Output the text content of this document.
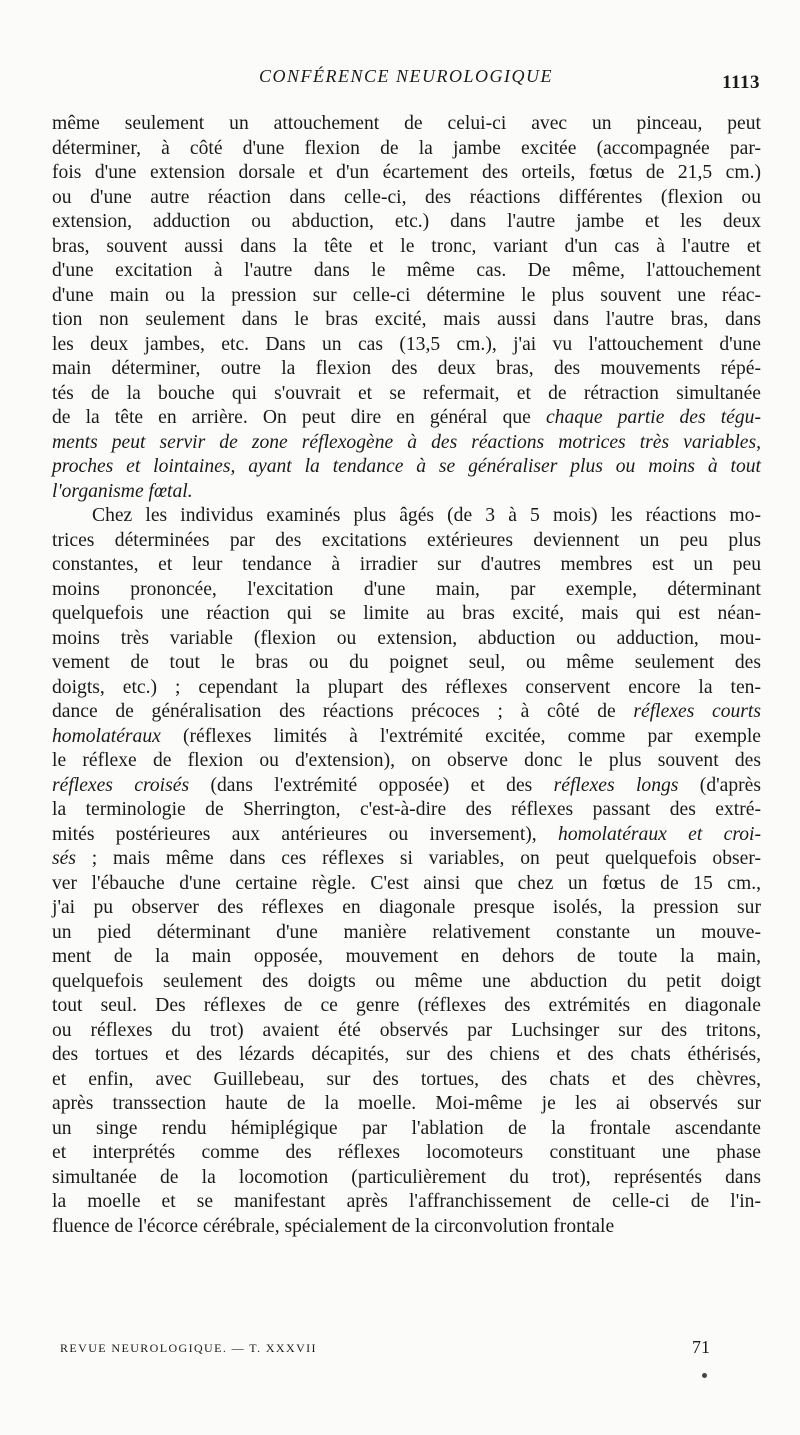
CONFÉRENCE NEUROLOGIQUE	1113
même seulement un attouchement de celui-ci avec un pinceau, peut
déterminer, à côté d'une flexion de la jambe excitée (accompagnée par-
fois d'une extension dorsale et d'un écartement des orteils, fœtus de 21,5 cm.)
ou d'une autre réaction dans celle-ci, des réactions différentes (flexion ou
extension, adduction ou abduction, etc.) dans l'autre jambe et les deux
bras, souvent aussi dans la tête et le tronc, variant d'un cas à l'autre et
d'une excitation à l'autre dans le même cas. De même, l'attouchement
d'une main ou la pression sur celle-ci détermine le plus souvent une réac-
tion non seulement dans le bras excité, mais aussi dans l'autre bras, dans
les deux jambes, etc. Dans un cas (13,5 cm.), j'ai vu l'attouchement d'une
main déterminer, outre la flexion des deux bras, des mouvements répé-
tés de la bouche qui s'ouvrait et se refermait, et de rétraction simultanée
de la tête en arrière. On peut dire en général que chaque partie des tégu-
ments peut servir de zone réflexogène à des réactions motrices très variables,
proches et lointaines, ayant la tendance à se généraliser plus ou moins à tout
l'organisme fœtal.
Chez les individus examinés plus âgés (de 3 à 5 mois) les réactions mo-
trices déterminées par des excitations extérieures deviennent un peu plus
constantes, et leur tendance à irradier sur d'autres membres est un peu
moins prononcée, l'excitation d'une main, par exemple, déterminant
quelquefois une réaction qui se limite au bras excité, mais qui est néan-
moins très variable (flexion ou extension, abduction ou adduction, mou-
vement de tout le bras ou du poignet seul, ou même seulement des
doigts, etc.) ; cependant la plupart des réflexes conservent encore la ten-
dance de généralisation des réactions précoces ; à côté de réflexes courts
homolatéraux (réflexes limités à l'extrémité excitée, comme par exemple
le réflexe de flexion ou d'extension), on observe donc le plus souvent des
réflexes croisés (dans l'extrémité opposée) et des réflexes longs (d'après
la terminologie de Sherrington, c'est-à-dire des réflexes passant des extré-
mités postérieures aux antérieures ou inversement), homolatéraux et croi-
sés ; mais même dans ces réflexes si variables, on peut quelquefois obser-
ver l'ébauche d'une certaine règle. C'est ainsi que chez un fœtus de 15 cm.,
j'ai pu observer des réflexes en diagonale presque isolés, la pression sur
un pied déterminant d'une manière relativement constante un mouve-
ment de la main opposée, mouvement en dehors de toute la main,
quelquefois seulement des doigts ou même une abduction du petit doigt
tout seul. Des réflexes de ce genre (réflexes des extrémités en diagonale
ou réflexes du trot) avaient été observés par Luchsinger sur des tritons,
des tortues et des lézards décapités, sur des chiens et des chats éthérisés,
et enfin, avec Guillebeau, sur des tortues, des chats et des chèvres,
après transsection haute de la moelle. Moi-même je les ai observés sur
un singe rendu hémiplégique par l'ablation de la frontale ascendante
et interprétés comme des réflexes locomoteurs constituant une phase
simultanée de la locomotion (particulièrement du trot), représentés dans
la moelle et se manifestant après l'affranchissement de celle-ci de l'in-
fluence de l'écorce cérébrale, spécialement de la circonvolution frontale
REVUE NEUROLOGIQUE. — T. XXXVII	71
